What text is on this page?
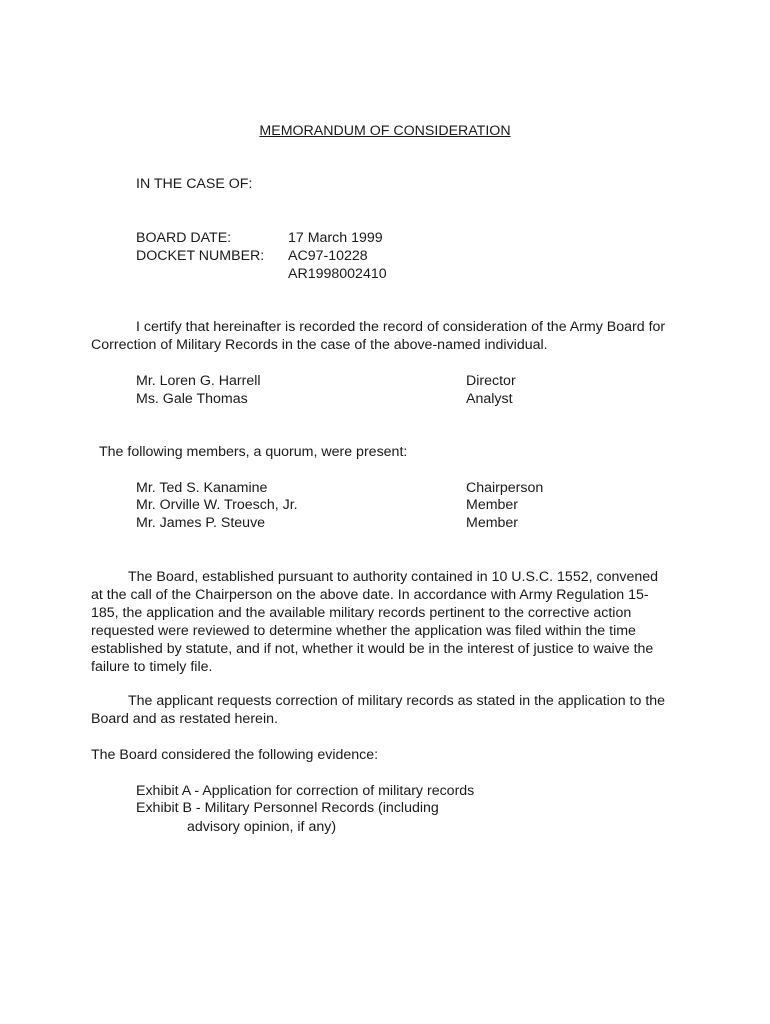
MEMORANDUM OF CONSIDERATION
IN THE CASE OF:
BOARD DATE:	17 March 1999
DOCKET NUMBER: AC97-10228
AR1998002410
I certify that hereinafter is recorded the record of consideration of the Army Board for Correction of Military Records in the case of the above-named individual.
Mr. Loren G. Harrell	Director
Ms. Gale Thomas	Analyst
The following members, a quorum, were present:
Mr. Ted S. Kanamine	Chairperson
Mr. Orville W. Troesch, Jr.	Member
Mr. James P. Steuve	Member
The Board, established pursuant to authority contained in 10 U.S.C. 1552, convened at the call of the Chairperson on the above date. In accordance with Army Regulation 15-185, the application and the available military records pertinent to the corrective action requested were reviewed to determine whether the application was filed within the time established by statute, and if not, whether it would be in the interest of justice to waive the failure to timely file.
The applicant requests correction of military records as stated in the application to the Board and as restated herein.
The Board considered the following evidence:
Exhibit A - Application for correction of military records
Exhibit B - Military Personnel Records (including
advisory opinion, if any)
